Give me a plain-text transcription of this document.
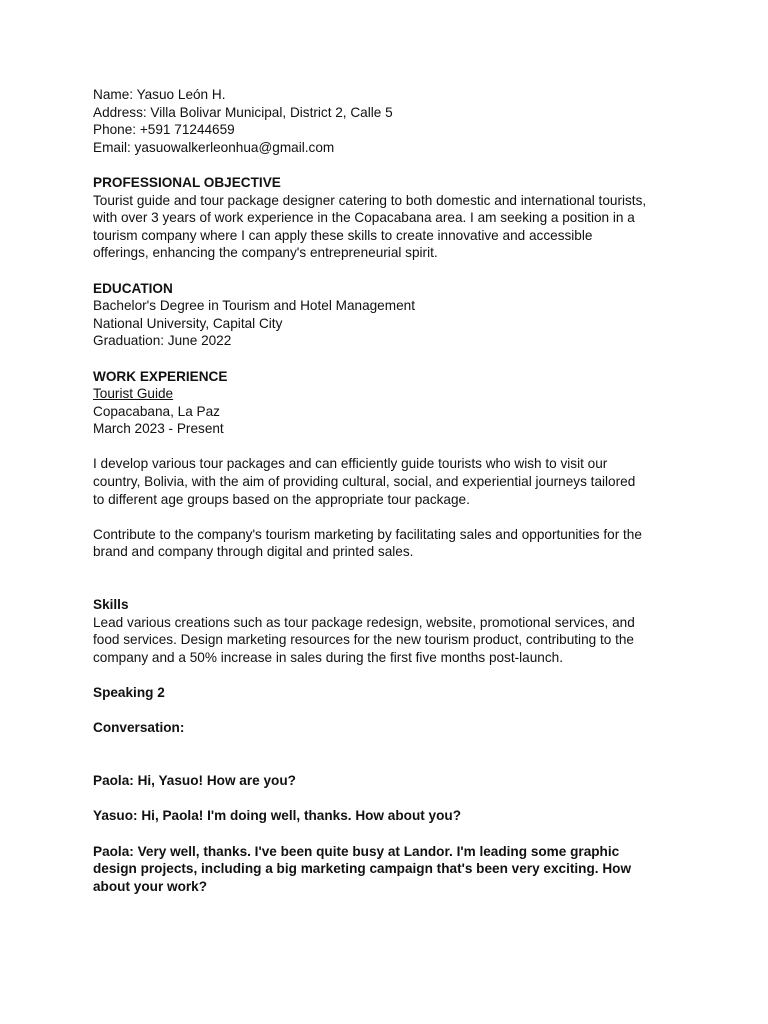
Name: Yasuo León H.
Address: Villa Bolivar Municipal, District 2, Calle 5
Phone: +591 71244659
Email: yasuowalkerleonhua@gmail.com
PROFESSIONAL OBJECTIVE
Tourist guide and tour package designer catering to both domestic and international tourists,
with over 3 years of work experience in the Copacabana area. I am seeking a position in a
tourism company where I can apply these skills to create innovative and accessible
offerings, enhancing the company's entrepreneurial spirit.
EDUCATION
Bachelor's Degree in Tourism and Hotel Management
National University, Capital City
Graduation: June 2022
WORK EXPERIENCE
Tourist Guide
Copacabana, La Paz
March 2023 - Present
I develop various tour packages and can efficiently guide tourists who wish to visit our
country, Bolivia, with the aim of providing cultural, social, and experiential journeys tailored
to different age groups based on the appropriate tour package.
Contribute to the company's tourism marketing by facilitating sales and opportunities for the
brand and company through digital and printed sales.
Skills
Lead various creations such as tour package redesign, website, promotional services, and
food services. Design marketing resources for the new tourism product, contributing to the
company and a 50% increase in sales during the first five months post-launch.
Speaking 2
Conversation:
Paola: Hi, Yasuo! How are you?
Yasuo: Hi, Paola! I'm doing well, thanks. How about you?
Paola: Very well, thanks. I've been quite busy at Landor. I'm leading some graphic
design projects, including a big marketing campaign that's been very exciting. How
about your work?
